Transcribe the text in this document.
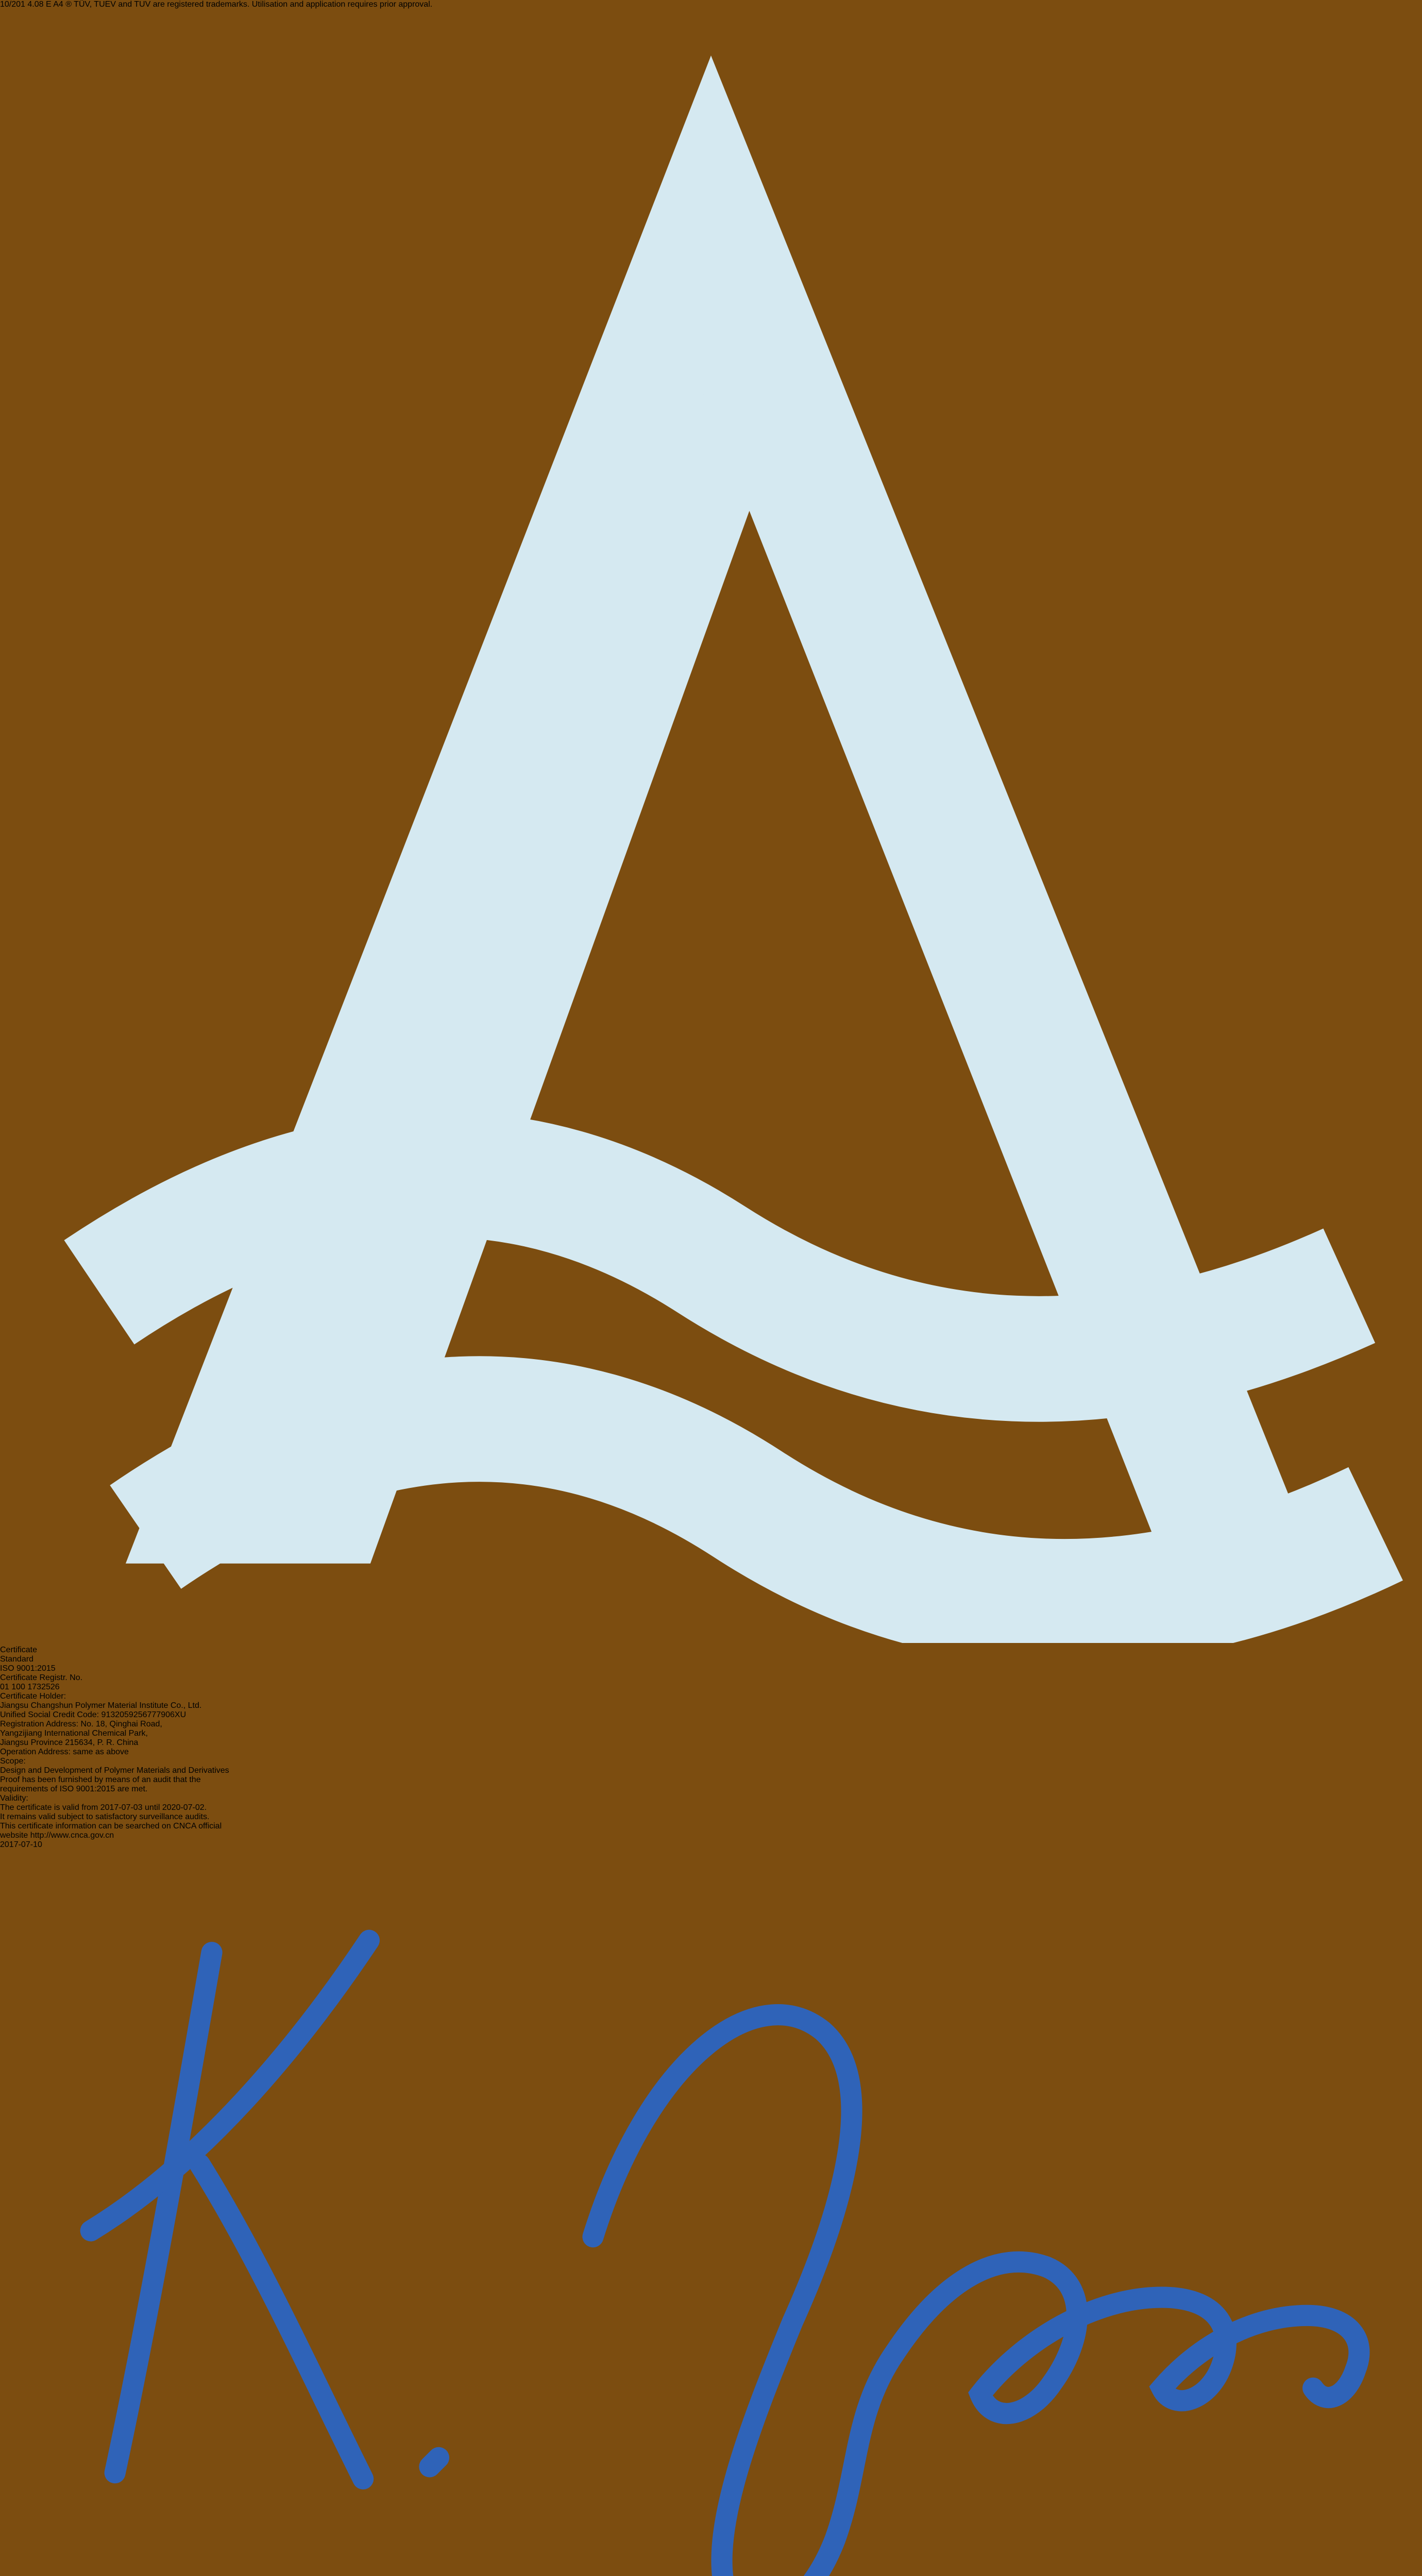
10/201 4.08 E A4 ® TÜV, TUEV and TUV are registered trademarks. Utilisation and application requires prior approval.
Certificate
Standard
ISO 9001:2015
Certificate Registr. No.
01 100 1732526
Certificate Holder:
Jiangsu Changshun Polymer Material Institute Co., Ltd.
Unified Social Credit Code: 9132059256777906XU
Registration Address: No. 18, Qinghai Road,
Yangzijiang International Chemical Park,
Jiangsu Province 215634, P. R. China
Operation Address: same as above
Scope:
Design and Development of Polymer Materials and Derivatives
Proof has been furnished by means of an audit that the
requirements of ISO 9001:2015 are met.
Validity:
The certificate is valid from 2017-07-03 until 2020-07-02.
It remains valid subject to satisfactory surveillance audits.
This certificate information can be searched on CNCA official
website http://www.cnca.gov.cn
2017-07-10
